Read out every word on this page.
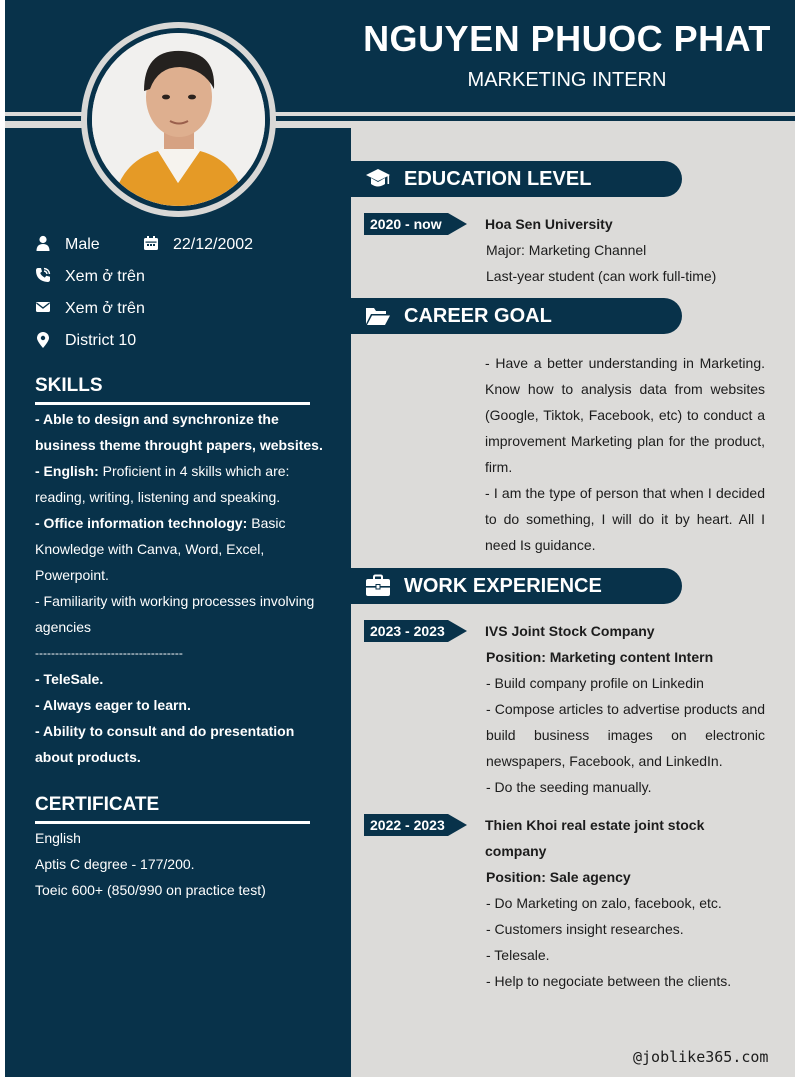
NGUYEN PHUOC PHAT
MARKETING INTERN
Male	22/12/2002
Xem ở trên
Xem ở trên
District 10
SKILLS
- Able to design and synchronize the business theme throught papers, websites.
- English: Proficient in 4 skills which are: reading, writing, listening and speaking.
- Office information technology: Basic Knowledge with Canva, Word, Excel, Powerpoint.
- Familiarity with working processes involving agencies
-------------------------------------
- TeleSale.
- Always eager to learn.
- Ability to consult and do presentation about products.
CERTIFICATE
English
Aptis C degree - 177/200.
Toeic 600+ (850/990 on practice test)
EDUCATION LEVEL
2020 - now	Hoa Sen University
Major: Marketing Channel
Last-year student (can work full-time)
CAREER GOAL
- Have a better understanding in Marketing. Know how to analysis data from websites (Google, Tiktok, Facebook, etc) to conduct a improvement Marketing plan for the product, firm.
- I am the type of person that when I decided to do something, I will do it by heart. All I need Is guidance.
WORK EXPERIENCE
2023 - 2023	IVS Joint Stock Company
Position: Marketing content Intern
- Build company profile on Linkedin
- Compose articles to advertise products and build business images on electronic newspapers, Facebook, and LinkedIn.
- Do the seeding manually.
2022 - 2023	Thien Khoi real estate joint stock company
Position: Sale agency
- Do Marketing on zalo, facebook, etc.
- Customers insight researches.
- Telesale.
- Help to negociate between the clients.
@joblike365.com
